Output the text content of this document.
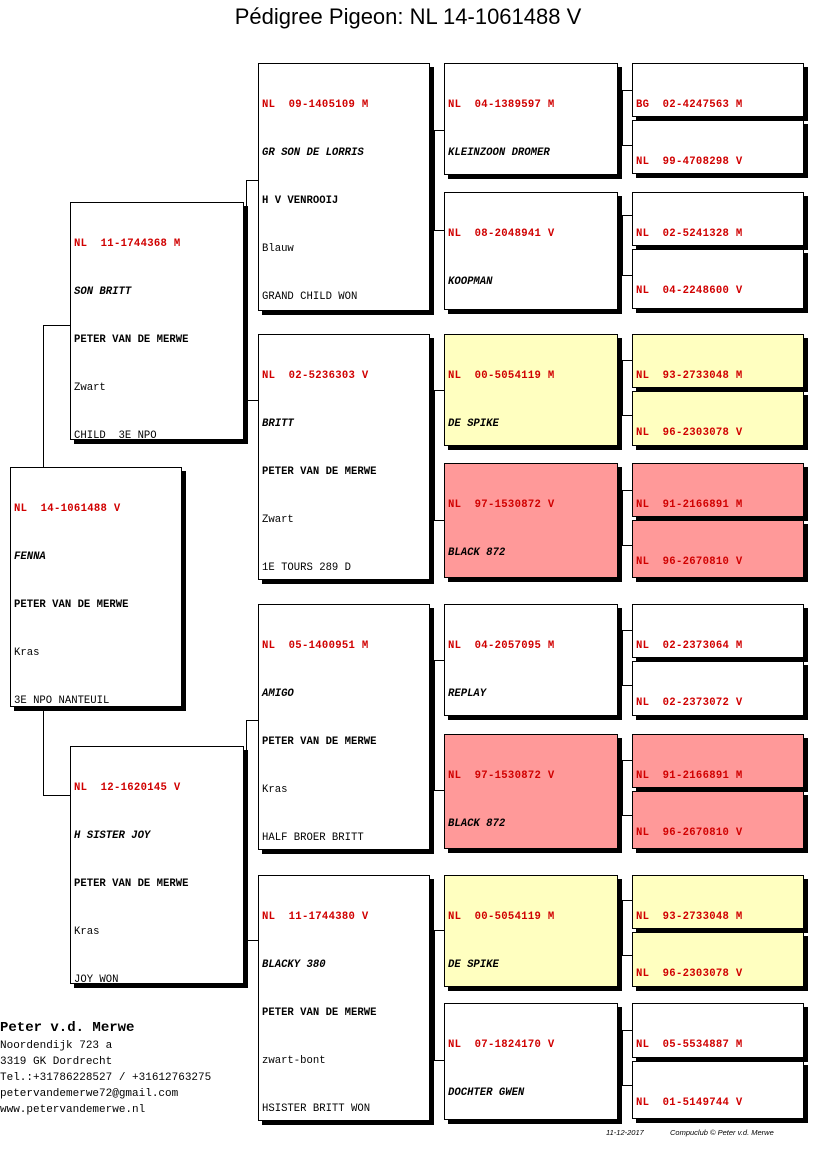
Pédigree Pigeon: NL 14-1061488 V

NL  14-1061488 V

FENNA

PETER VAN DE MERWE

Kras

3E NPO NANTEUIL

NL  11-1744368 M

SON BRITT

PETER VAN DE MERWE

Zwart

CHILD  3E NPO

NL  12-1620145 V

H SISTER JOY

PETER VAN DE MERWE

Kras

JOY WON

NL  09-1405109 M

GR SON DE LORRIS

H V VENROOIJ

Blauw

GRAND CHILD WON

NL  02-5236303 V

BRITT

PETER VAN DE MERWE

Zwart

1E TOURS 289 D

NL  05-1400951 M

AMIGO

PETER VAN DE MERWE

Kras

HALF BROER BRITT

NL  11-1744380 V

BLACKY 380

PETER VAN DE MERWE

zwart-bont

HSISTER BRITT WON

NL  04-1389597 M

KLEINZOON DROMER

NL  08-2048941 V

KOOPMAN

NL  00-5054119 M

DE SPIKE

NL  97-1530872 V

BLACK 872

NL  04-2057095 M

REPLAY

NL  97-1530872 V

BLACK 872

NL  00-5054119 M

DE SPIKE

NL  07-1824170 V

DOCHTER GWEN

BG  02-4247563 M

NL  99-4708298 V

NL  02-5241328 M

NL  04-2248600 V

NL  93-2733048 M

NL  96-2303078 V

NL  91-2166891 M

NL  96-2670810 V

NL  02-2373064 M

NL  02-2373072 V

NL  91-2166891 M

NL  96-2670810 V

NL  93-2733048 M

NL  96-2303078 V

NL  05-5534887 M

NL  01-5149744 V

Peter v.d. Merwe
Noordendijk 723 a
3319 GK Dordrecht
Tel.:+31786228527 / +31612763275
petervandemerwe72@gmail.com
www.petervandemerwe.nl
11-12-2017	Compuclub © Peter v.d. Merwe
